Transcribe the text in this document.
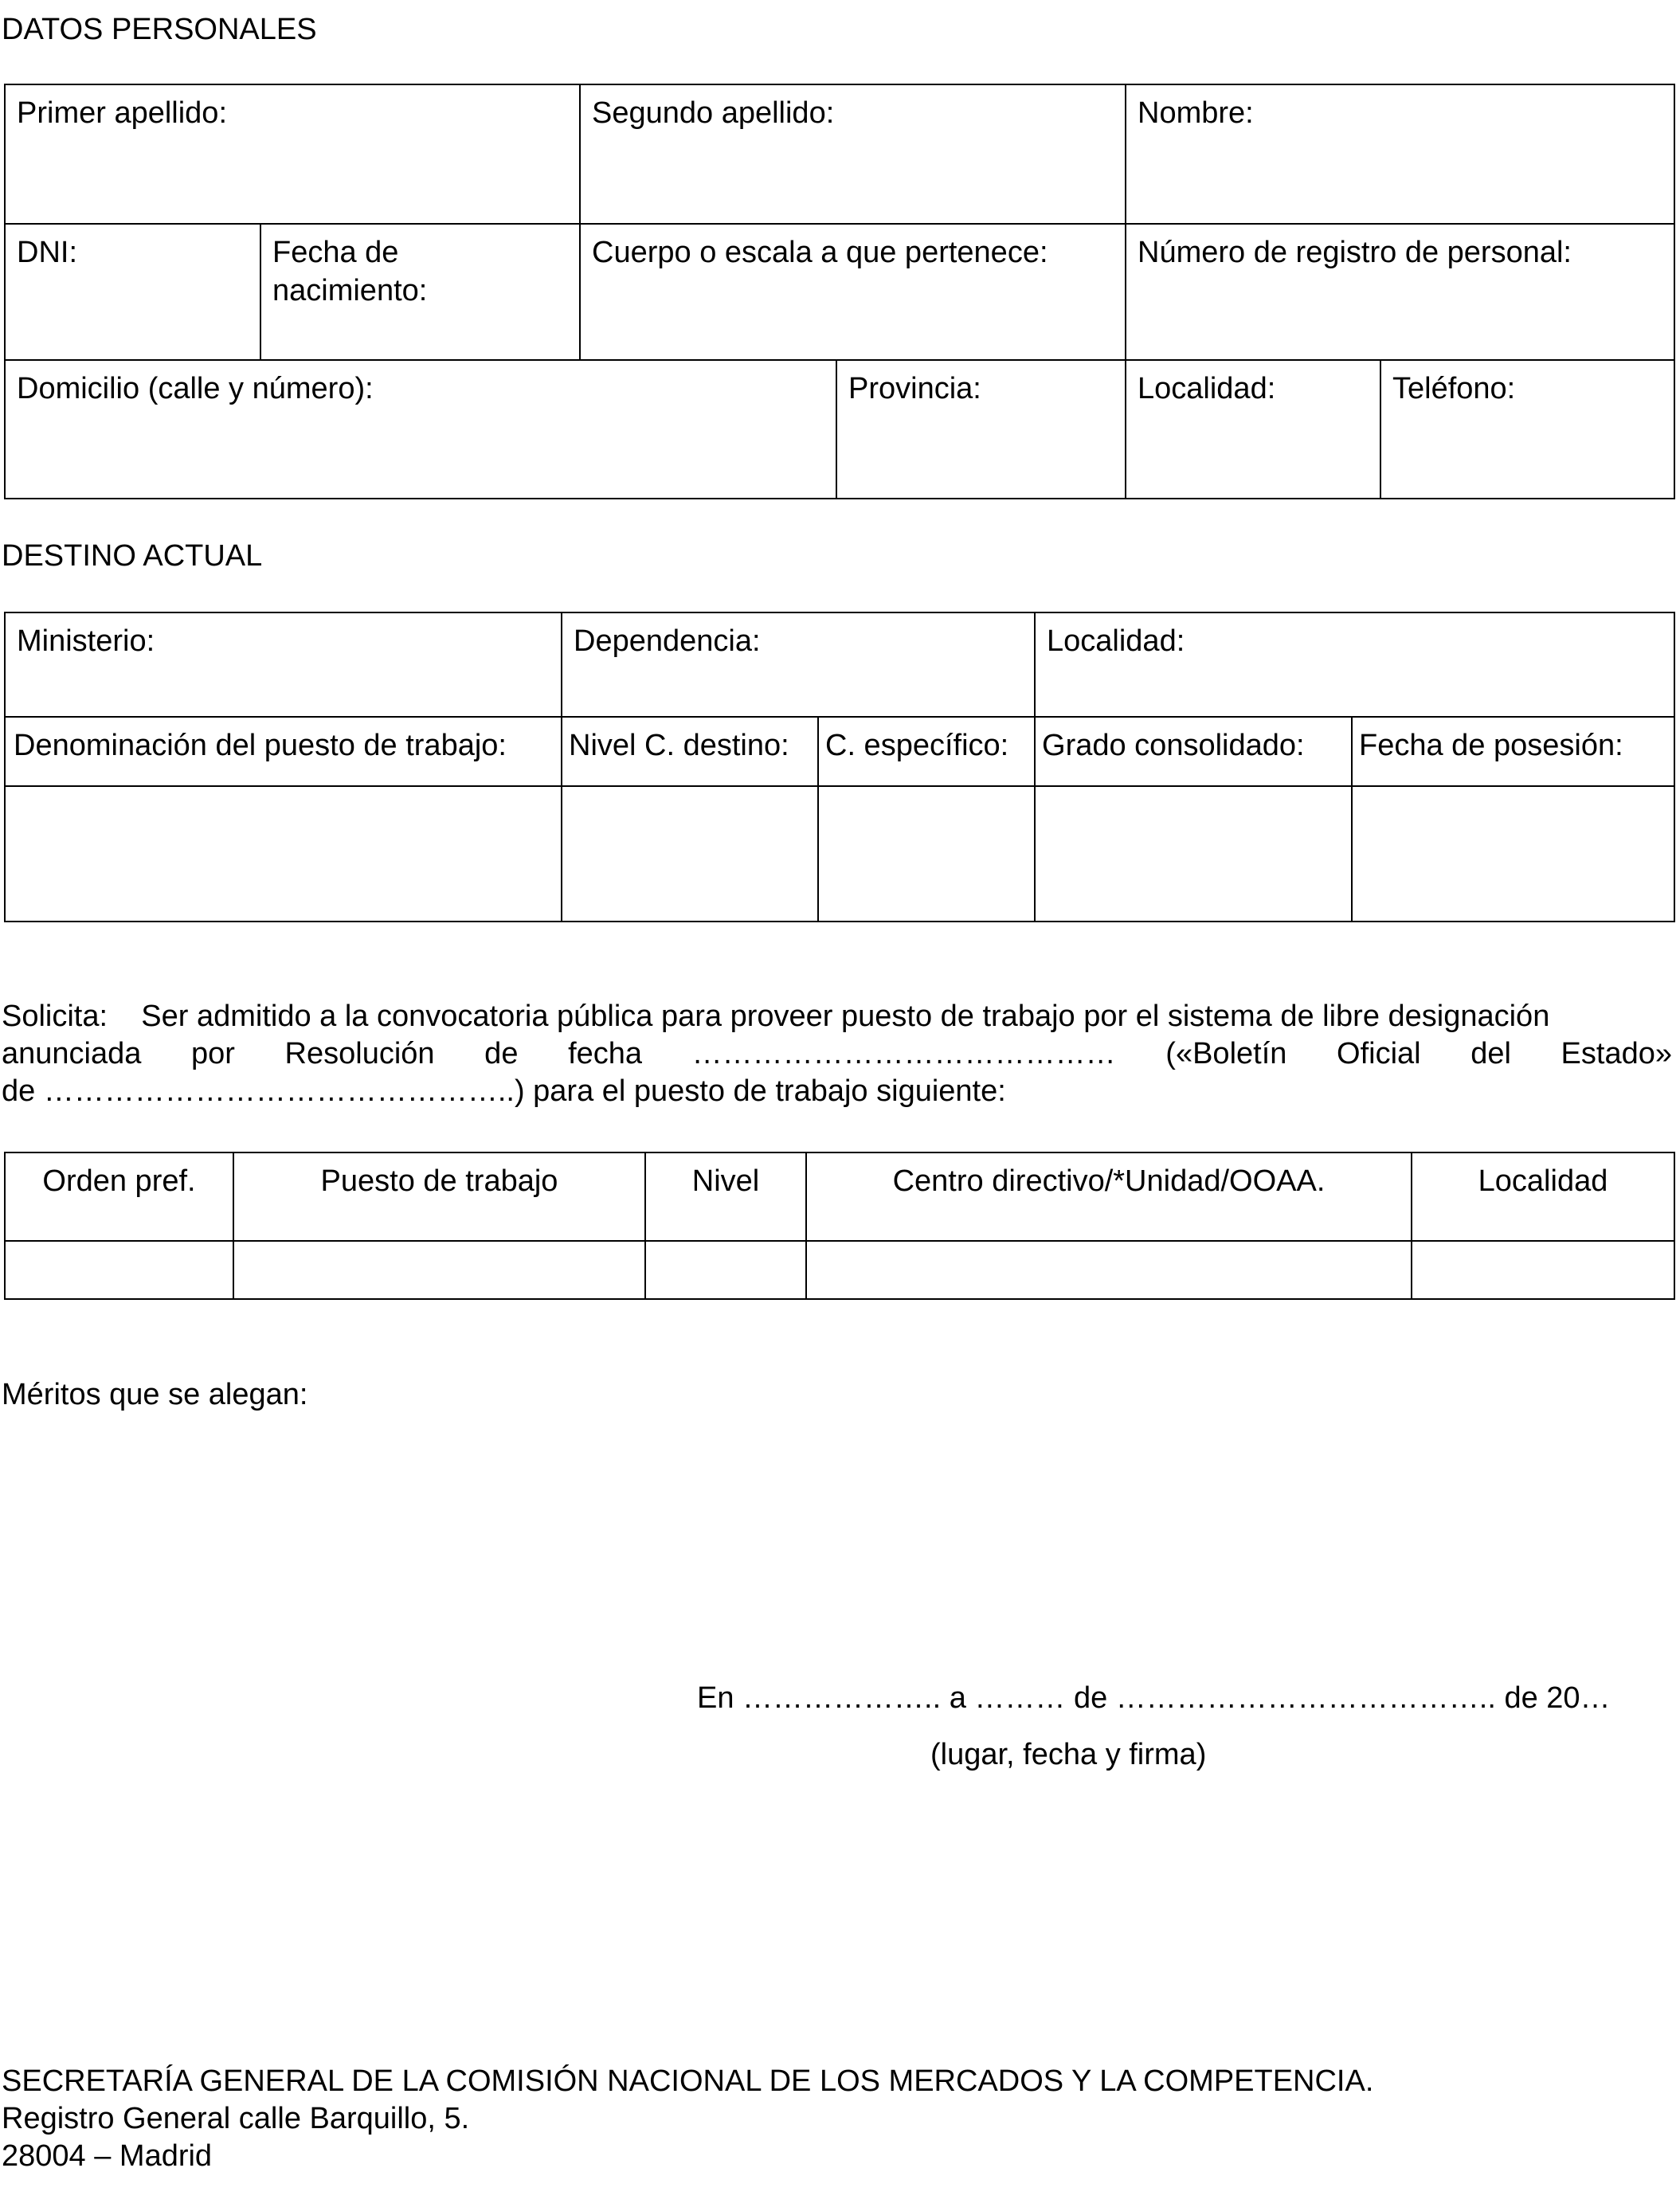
DATOS PERSONALES
Primer apellido:		Segundo apellido:		Nombre:	
DNI:	Fecha de nacimiento:	Cuerpo o escala a que pertenece:		Número de registro de personal:	
Domicilio (calle y número):			Provincia:	Localidad:	Teléfono:
DESTINO ACTUAL
Ministerio:	Dependencia:		Localidad:	
Denominación del puesto de trabajo:	Nivel C. destino:	C. específico:	Grado consolidado:	Fecha de posesión:

Solicita:    Ser admitido a la convocatoria pública para proveer puesto de trabajo por el sistema de libre designación
anunciada por Resolución de fecha …………………………………… («Boletín Oficial del Estado»
de ………………………………………..) para el puesto de trabajo siguiente:
Orden pref.	Puesto de trabajo	Nivel	Centro directivo/*Unidad/OOAA.	Localidad

Méritos que se alegan:
En ……………….. a ……… de ……………………………….. de 20…
(lugar, fecha y firma)
SECRETARÍA GENERAL DE LA COMISIÓN NACIONAL DE LOS MERCADOS Y LA COMPETENCIA.
Registro General calle Barquillo, 5.
28004 – Madrid
